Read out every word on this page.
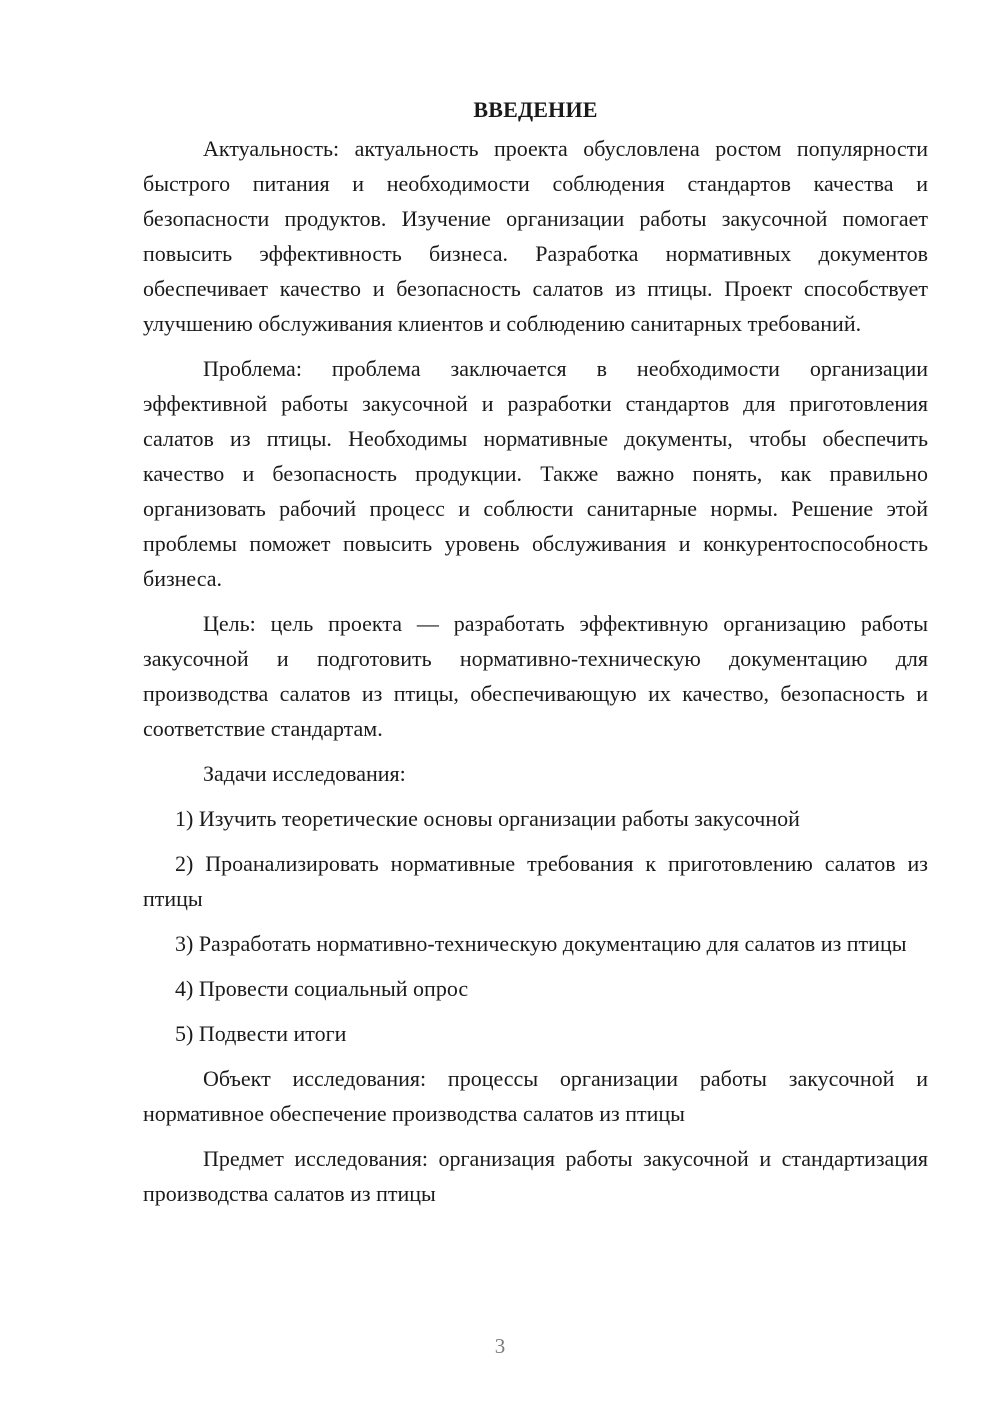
ВВЕДЕНИЕ

Актуальность: актуальность проекта обусловлена ростом популярности быстрого питания и необходимости соблюдения стандартов качества и безопасности продуктов. Изучение организации работы закусочной помогает повысить эффективность бизнеса. Разработка нормативных документов обеспечивает качество и безопасность салатов из птицы. Проект способствует улучшению обслуживания клиентов и соблюдению санитарных требований.

Проблема: проблема заключается в необходимости организации эффективной работы закусочной и разработки стандартов для приготовления салатов из птицы. Необходимы нормативные документы, чтобы обеспечить качество и безопасность продукции. Также важно понять, как правильно организовать рабочий процесс и соблюсти санитарные нормы. Решение этой проблемы поможет повысить уровень обслуживания и конкурентоспособность бизнеса.

Цель: цель проекта — разработать эффективную организацию работы закусочной и подготовить нормативно-техническую документацию для производства салатов из птицы, обеспечивающую их качество, безопасность и соответствие стандартам.

Задачи исследования:

1) Изучить теоретические основы организации работы закусочной

2) Проанализировать нормативные требования к приготовлению салатов из птицы

3) Разработать нормативно-техническую документацию для салатов из птицы

4) Провести социальный опрос

5) Подвести итоги

Объект исследования: процессы организации работы закусочной и нормативное обеспечение производства салатов из птицы

Предмет исследования: организация работы закусочной и стандартизация производства салатов из птицы

3
